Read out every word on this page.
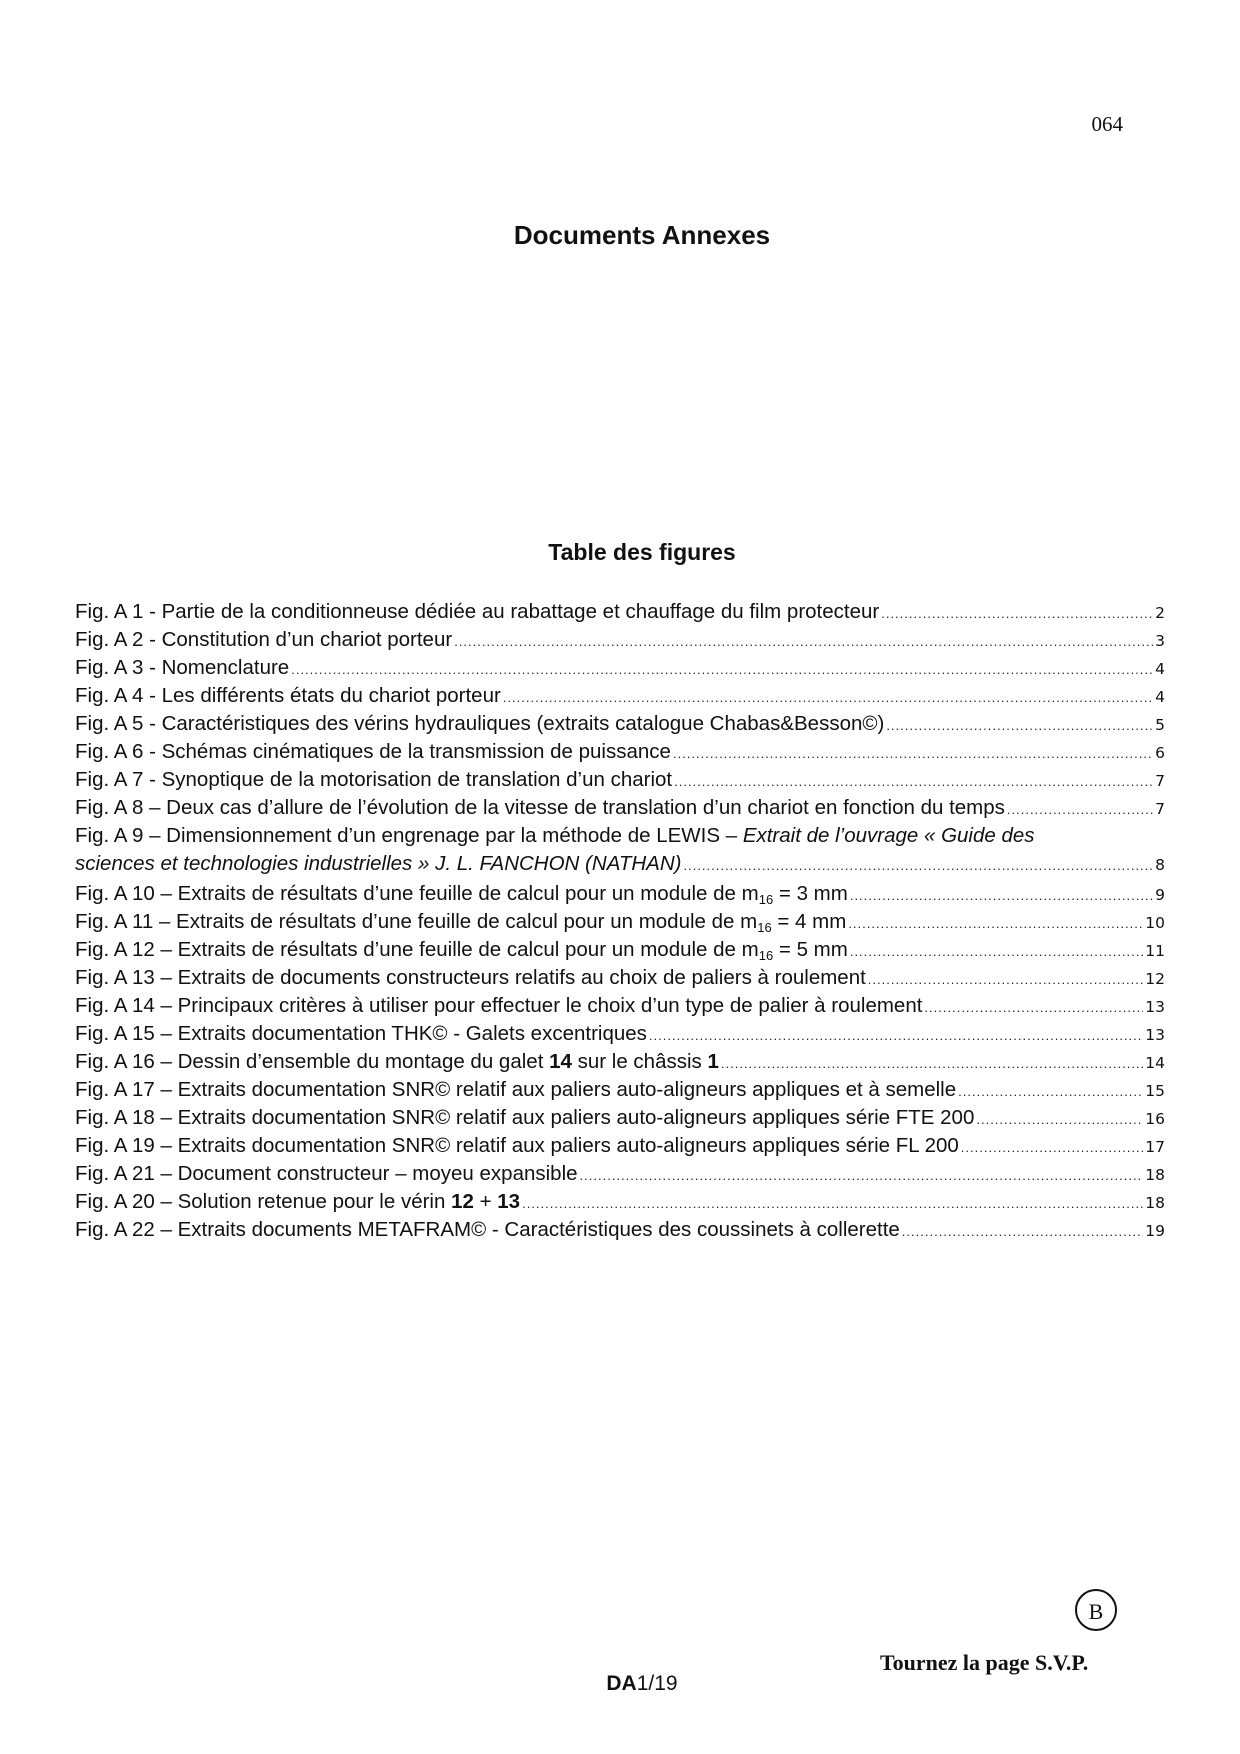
064
Documents Annexes
Table des figures
Fig. A 1 - Partie de la conditionneuse dédiée au rabattage et chauffage du film protecteur .....	2
Fig. A 2 - Constitution d’un chariot porteur .....	3
Fig. A 3 - Nomenclature .....	4
Fig. A 4 - Les différents états du chariot porteur .....	4
Fig. A 5 - Caractéristiques des vérins hydrauliques (extraits catalogue Chabas&Besson©) .....	5
Fig. A 6 - Schémas cinématiques de la transmission de puissance .....	6
Fig. A 7 - Synoptique de la motorisation de translation d’un chariot .....	7
Fig. A 8 – Deux cas d’allure de l’évolution de la vitesse de translation d’un chariot en fonction du temps .....	7
Fig. A 9 – Dimensionnement d’un engrenage par la méthode de LEWIS – Extrait de l’ouvrage « Guide des
sciences et technologies industrielles » J. L. FANCHON (NATHAN) .....	8
Fig. A 10 – Extraits de résultats d’une feuille de calcul pour un module de $m_{16} = 3$ mm .....	9
Fig. A 11 – Extraits de résultats d’une feuille de calcul pour un module de $m_{16} = 4$ mm .....	10
Fig. A 12 – Extraits de résultats d’une feuille de calcul pour un module de $m_{16} = 5$ mm .....	11
Fig. A 13 – Extraits de documents constructeurs relatifs au choix de paliers à roulement .....	12
Fig. A 14 – Principaux critères à utiliser pour effectuer le choix d’un type de palier à roulement .....	13
Fig. A 15 – Extraits documentation THK© - Galets excentriques .....	13
Fig. A 16 – Dessin d’ensemble du montage du galet 14 sur le châssis 1 .....	14
Fig. A 17 – Extraits documentation SNR© relatif aux paliers auto-aligneurs appliques et à semelle .....	15
Fig. A 18 – Extraits documentation SNR© relatif aux paliers auto-aligneurs appliques série FTE 200 .....	16
Fig. A 19 – Extraits documentation SNR© relatif aux paliers auto-aligneurs appliques série FL 200 .....	17
Fig. A 21 – Document constructeur – moyeu expansible .....	18
Fig. A 20 – Solution retenue pour le vérin 12 + 13 .....	18
Fig. A 22 – Extraits documents METAFRAM© - Caractéristiques des coussinets à collerette .....	19
B
Tournez la page S.V.P.
DA1/19
